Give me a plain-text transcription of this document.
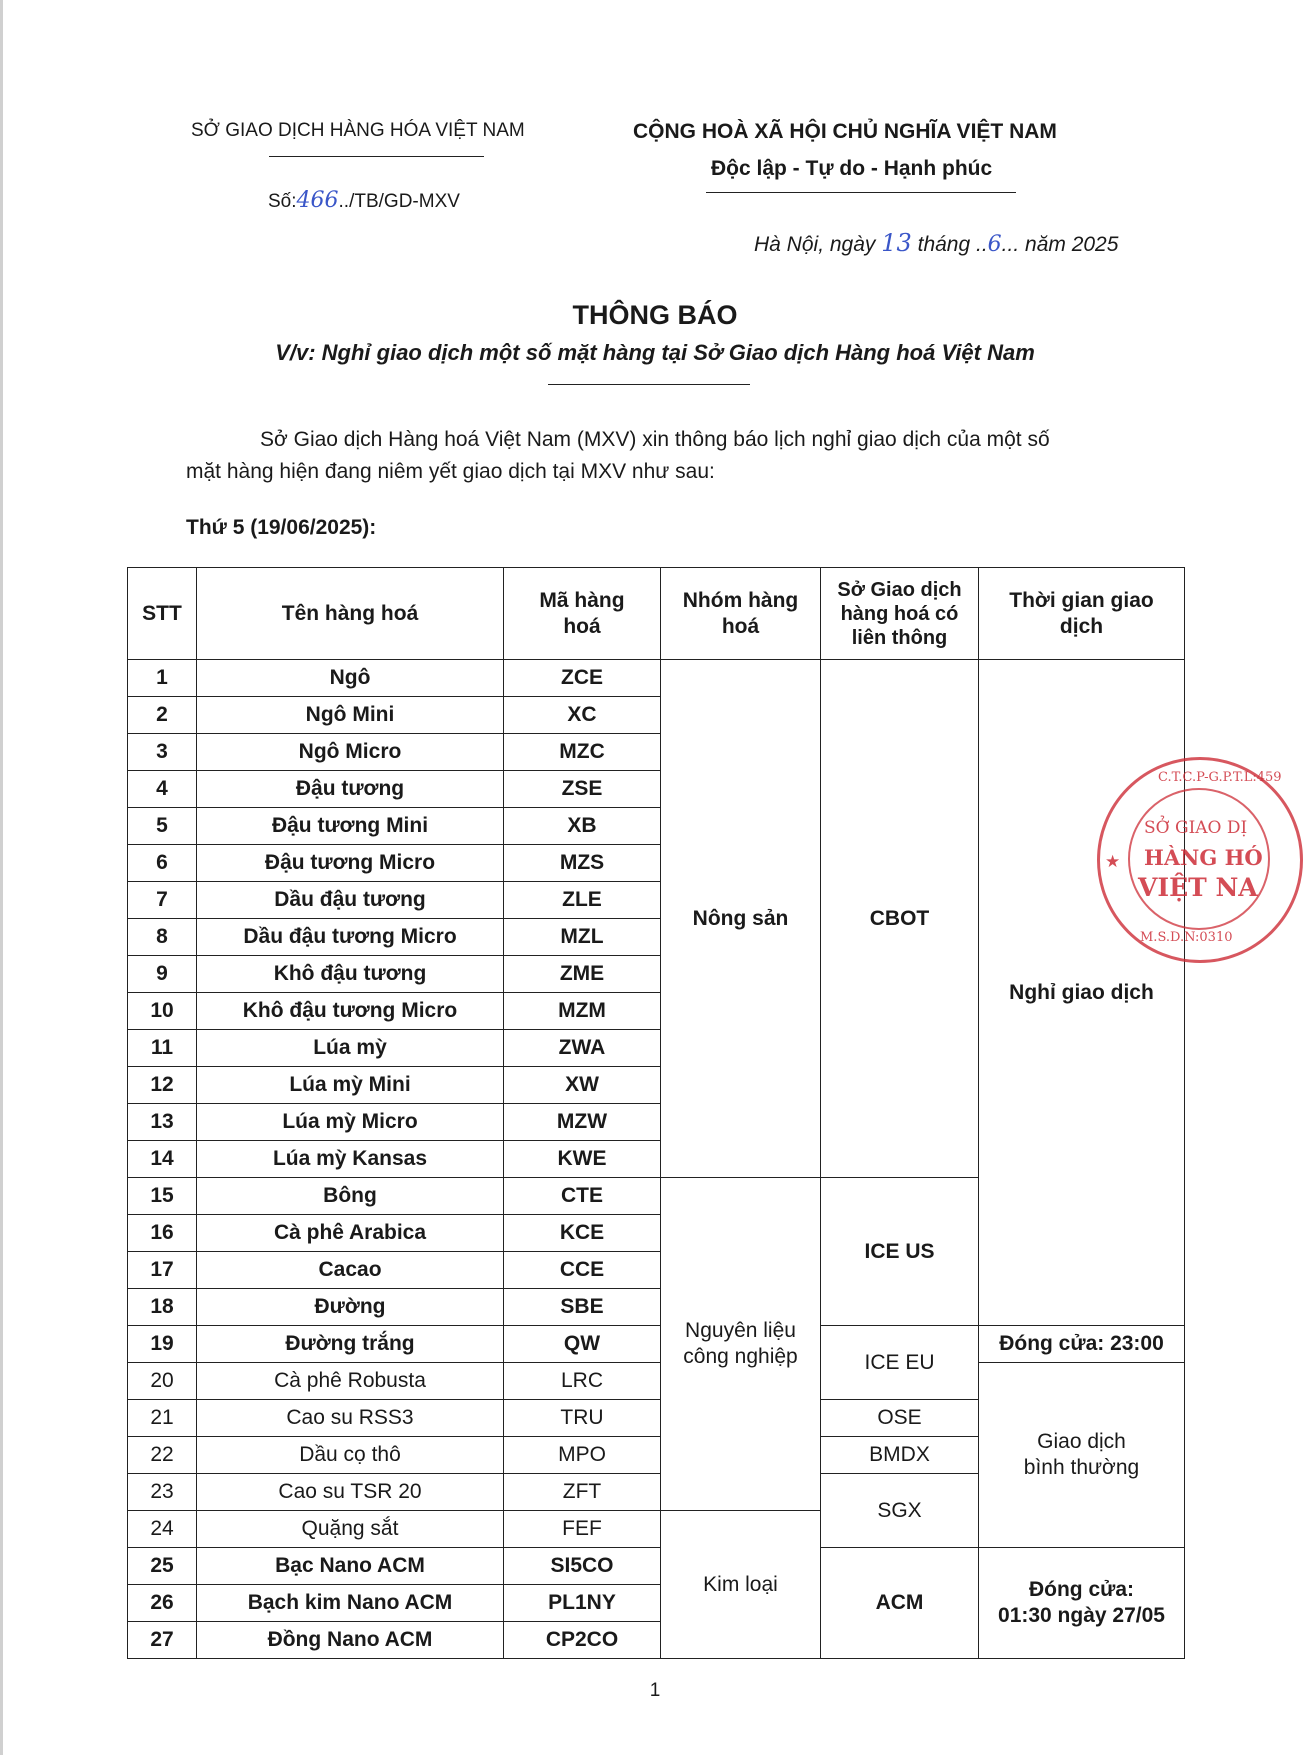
SỞ GIAO DỊCH HÀNG HÓA VIỆT NAM
Số:466../TB/GD-MXV
CỘNG HOÀ XÃ HỘI CHỦ NGHĨA VIỆT NAM
Độc lập - Tự do - Hạnh phúc
Hà Nội, ngày 13 tháng ..6... năm 2025
THÔNG BÁO
V/v: Nghỉ giao dịch một số mặt hàng tại Sở Giao dịch Hàng hoá Việt Nam
Sở Giao dịch Hàng hoá Việt Nam (MXV) xin thông báo lịch nghỉ giao dịch của một số
mặt hàng hiện đang niêm yết giao dịch tại MXV như sau:
Thứ 5 (19/06/2025):
STT	Tên hàng hoá	Mã hàng hoá	Nhóm hàng hoá	Sở Giao dịch hàng hoá có liên thông	Thời gian giao dịch
1	Ngô	ZCE	Nông sản	CBOT	Nghỉ giao dịch
2	Ngô Mini	XC			
3	Ngô Micro	MZC			
4	Đậu tương	ZSE			
5	Đậu tương Mini	XB			
6	Đậu tương Micro	MZS			
7	Dầu đậu tương	ZLE			
8	Dầu đậu tương Micro	MZL			
9	Khô đậu tương	ZME			
10	Khô đậu tương Micro	MZM			
11	Lúa mỳ	ZWA			
12	Lúa mỳ Mini	XW			
13	Lúa mỳ Micro	MZW			
14	Lúa mỳ Kansas	KWE			
15	Bông	CTE	Nguyên liệu công nghiệp	ICE US	
16	Cà phê Arabica	KCE			
17	Cacao	CCE			
18	Đường	SBE			
19	Đường trắng	QW		ICE EU	Đóng cửa: 23:00
20	Cà phê Robusta	LRC			Giao dịch bình thường
21	Cao su RSS3	TRU		OSE	
22	Dầu cọ thô	MPO		BMDX	
23	Cao su TSR 20	ZFT		SGX	
24	Quặng sắt	FEF	Kim loại		
25	Bạc Nano ACM	SI5CO		ACM	Đóng cửa:
01:30 ngày 27/05

26	Bạch kim Nano ACM	PL1NY			
27	Đồng Nano ACM	CP2CO			
C.T.C.P-G.P.T.L:459
★
SỞ GIAO DỊ
HÀNG HÓ
VIỆT NA
M.S.D.N:0310
1
